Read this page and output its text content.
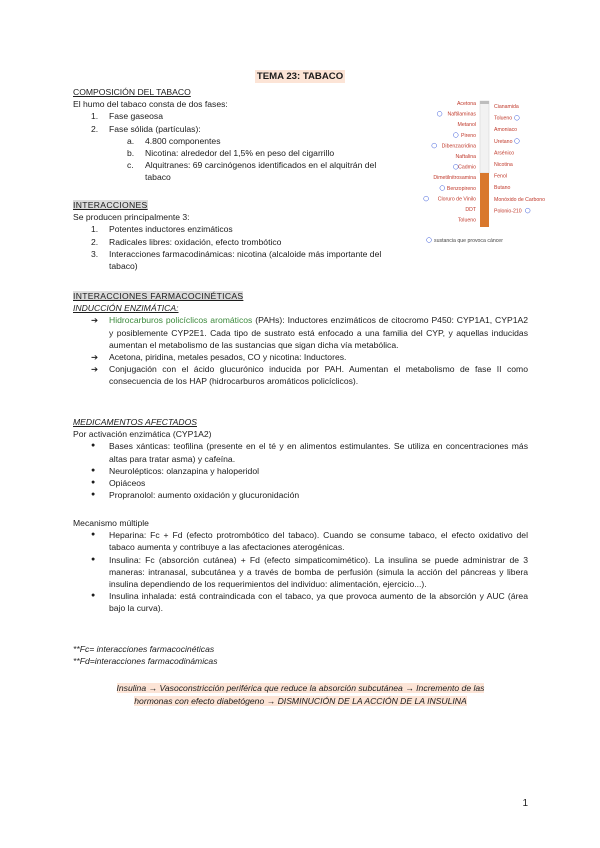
TEMA 23: TABACO

COMPOSICIÓN DEL TABACO

El humo del tabaco consta de dos fases:

1.	Fase gaseosa
2.	Fase sólida (partículas):
a.	4.800 componentes
b.	Nicotina: alrededor del 1,5% en peso del cigarrillo
c.	Alquitranes: 69 carcinógenos identificados en el alquitrán del tabaco
Acetona
Naftilaminas
Metanol
Pireno
Dibenzacridina
Naftalina
Cadmio
Dimetilnitrosamina
Benzopireno
Cloruro de Vinilo
DDT
Tolueno
Cianamida
Tolueno
Amoniaco
Uretano
Arsénico
Nicotina
Fenol
Butano
Monóxido de Carbono
Polonio-210
sustancia que provoca cáncer

INTERACCIONES

Se producen principalmente 3:

1.	Potentes inductores enzimáticos
2.	Radicales libres: oxidación, efecto trombótico
3.	Interacciones farmacodinámicas: nicotina (alcaloide más importante del tabaco)

INTERACCIONES FARMACOCINÉTICAS

INDUCCIÓN ENZIMÁTICA:

➔	Hidrocarburos policíclicos aromáticos (PAHs): Inductores enzimáticos de citocromo P450: CYP1A1, CYP1A2 y posiblemente CYP2E1. Cada tipo de sustrato está enfocado a una familia del CYP, y aquellas inducidas aumentan el metabolismo de las sustancias que sigan dicha vía metabólica.
➔	Acetona, piridina, metales pesados, CO y nicotina: Inductores.
➔	Conjugación con el ácido glucurónico inducida por PAH. Aumentan el metabolismo de fase II como consecuencia de los HAP (hidrocarburos aromáticos policíclicos).

MEDICAMENTOS AFECTADOS

Por activación enzimática (CYP1A2)

●	Bases xánticas: teofilina (presente en el té y en alimentos estimulantes. Se utiliza en concentraciones más altas para tratar asma) y cafeína.
●	Neurolépticos: olanzapina y haloperidol
●	Opiáceos
●	Propranolol: aumento oxidación y glucuronidación

Mecanismo múltiple

●	Heparina: Fc + Fd (efecto protrombótico del tabaco). Cuando se consume tabaco, el efecto oxidativo del tabaco aumenta y contribuye a las afectaciones aterogénicas.
●	Insulina: Fc (absorción cutánea) + Fd (efecto simpaticomimético). La insulina se puede administrar de 3 maneras: intranasal, subcutánea y a través de bomba de perfusión (simula la acción del páncreas y libera insulina dependiendo de los requerimientos del individuo: alimentación, ejercicio...).
●	Insulina inhalada: está contraindicada con el tabaco, ya que provoca aumento de la absorción y AUC (área bajo la curva).

**Fc= interacciones farmacocinéticas

**Fd=interacciones farmacodinámicas

Insulina → Vasoconstricción periférica que reduce la absorción subcutánea → Incremento de las
hormonas con efecto diabetógeno → DISMINUCIÓN DE LA ACCIÓN DE LA INSULINA
1
